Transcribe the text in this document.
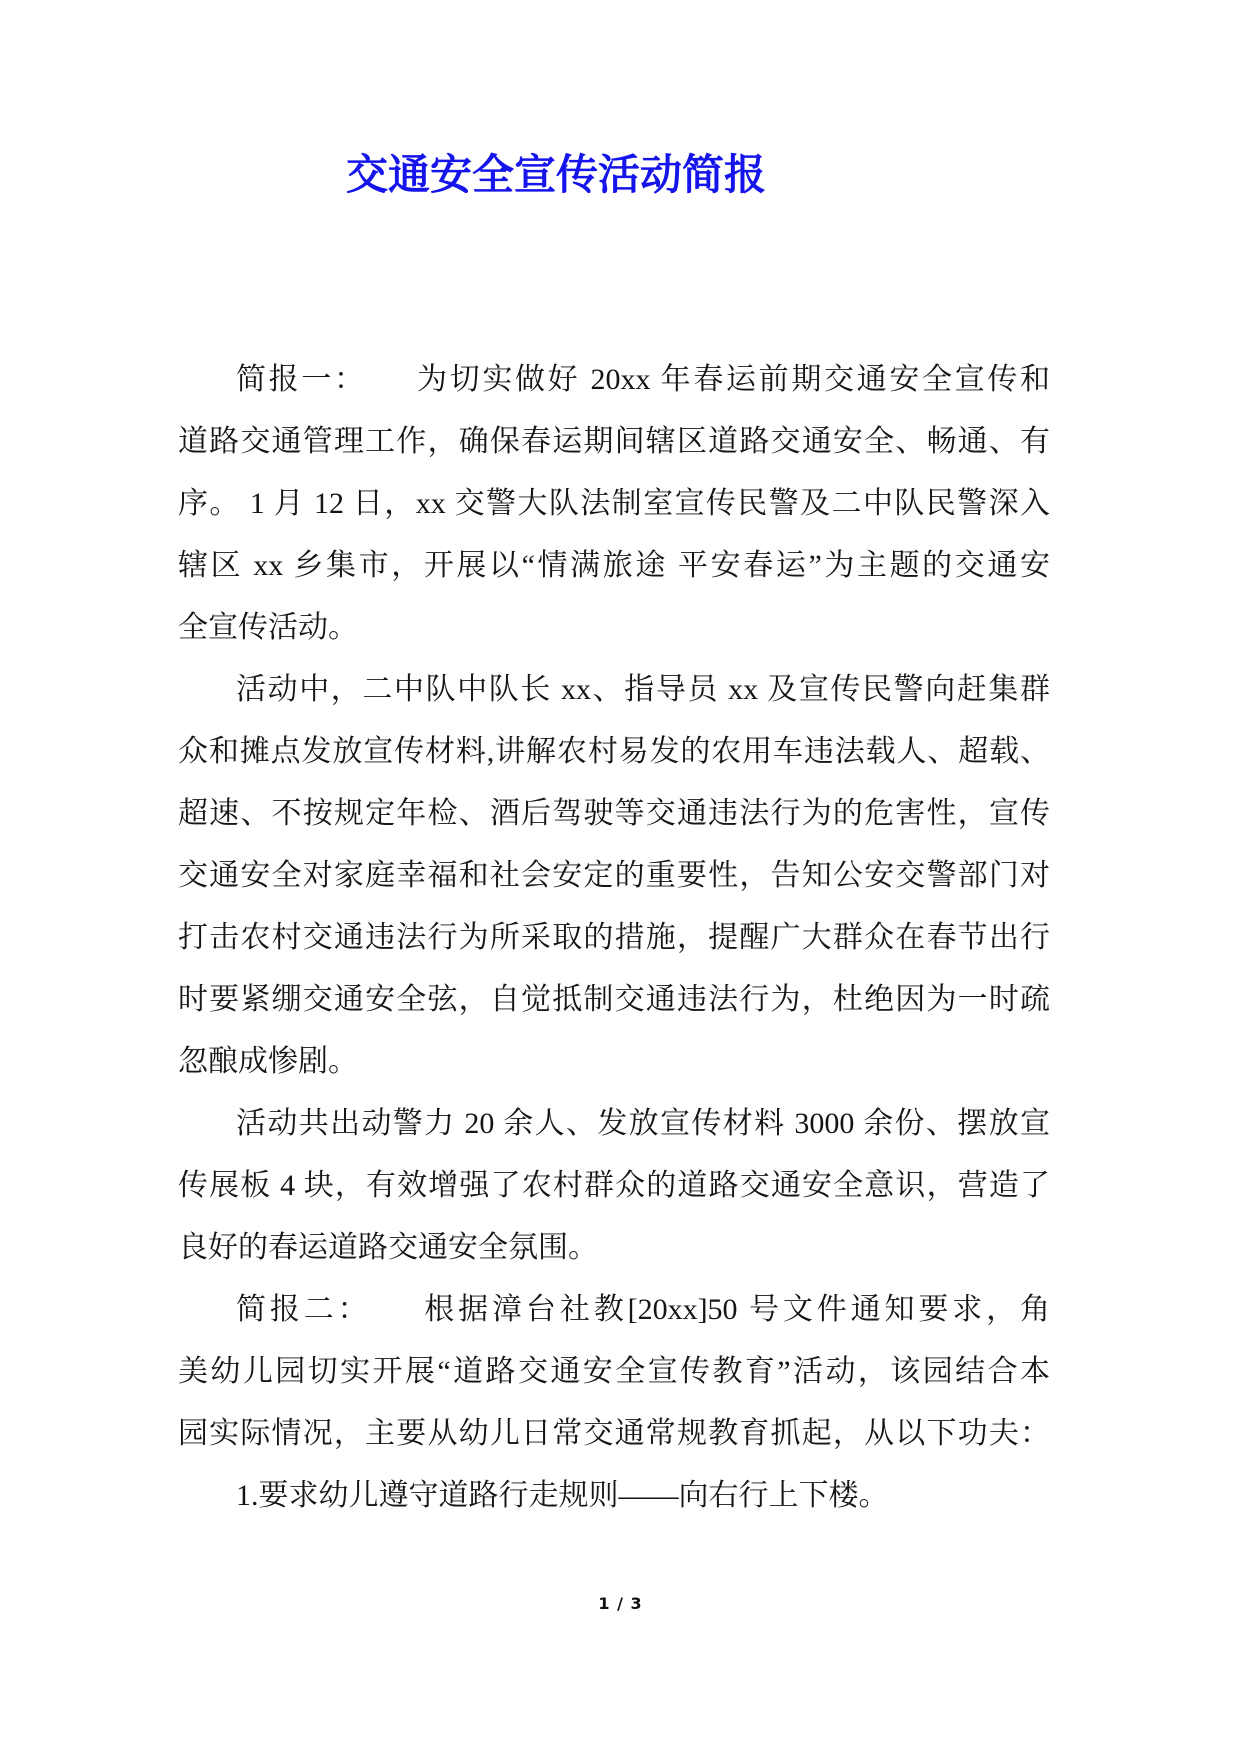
交通安全宣传活动简报
简报一：　　为切实做好 20xx 年春运前期交通安全宣传和
道路交通管理工作，确保春运期间辖区道路交通安全、畅通、有
序。 1 月 12 日，xx 交警大队法制室宣传民警及二中队民警深入
辖区 xx 乡集市，开展以“情满旅途 平安春运”为主题的交通安
全宣传活动。
活动中，二中队中队长 xx、指导员 xx 及宣传民警向赶集群
众和摊点发放宣传材料,讲解农村易发的农用车违法载人、超载、
超速、不按规定年检、酒后驾驶等交通违法行为的危害性，宣传
交通安全对家庭幸福和社会安定的重要性，告知公安交警部门对
打击农村交通违法行为所采取的措施，提醒广大群众在春节出行
时要紧绷交通安全弦，自觉抵制交通违法行为，杜绝因为一时疏
忽酿成惨剧。
活动共出动警力 20 余人、发放宣传材料 3000 余份、摆放宣
传展板 4 块，有效增强了农村群众的道路交通安全意识，营造了
良好的春运道路交通安全氛围。
简报二：　　根据漳台社教[20xx]50 号文件通知要求，角
美幼儿园切实开展“道路交通安全宣传教育”活动，该园结合本
园实际情况，主要从幼儿日常交通常规教育抓起，从以下功夫：
1.要求幼儿遵守道路行走规则——向右行上下楼。
1 / 3
